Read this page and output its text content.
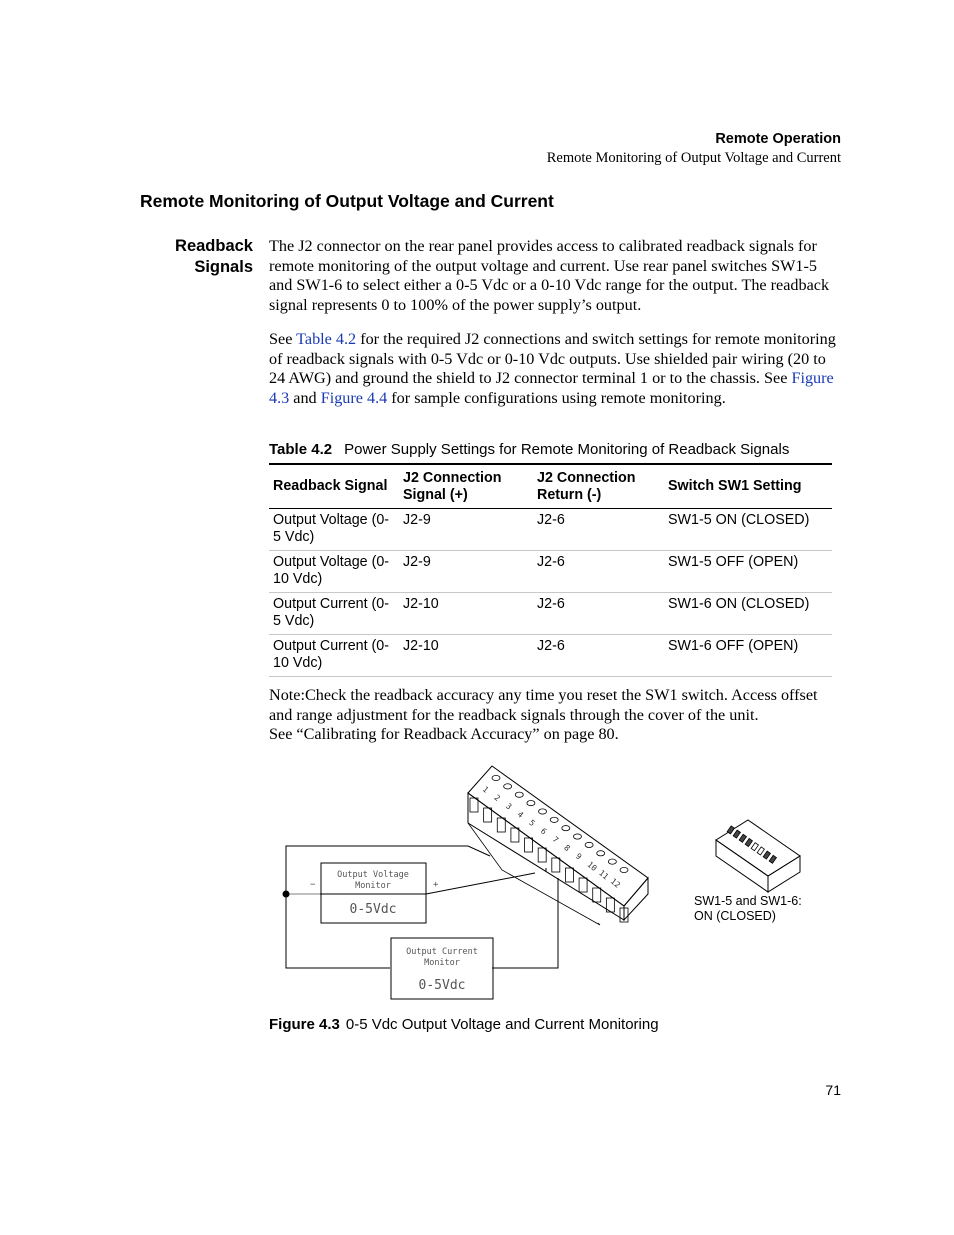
Remote Operation
Remote Monitoring of Output Voltage and Current
Remote Monitoring of Output Voltage and Current
Readback
Signals
The J2 connector on the rear panel provides access to calibrated readback signals for remote monitoring of the output voltage and current. Use rear panel switches SW1-5 and SW1-6 to select either a 0-5 Vdc or a 0-10 Vdc range for the output. The readback signal represents 0 to 100% of the power supply’s output.
See Table 4.2 for the required J2 connections and switch settings for remote monitoring of readback signals with 0-5 Vdc or 0-10 Vdc outputs. Use shielded pair wiring (20 to 24 AWG) and ground the shield to J2 connector terminal 1 or to the chassis. See Figure 4.3 and Figure 4.4 for sample configurations using remote monitoring.
Table 4.2 Power Supply Settings for Remote Monitoring of Readback Signals
Readback Signal	J2 Connection Signal (+)	J2 Connection Return (-)	Switch SW1 Setting
Output Voltage (0-5 Vdc)	J2-9	J2-6	SW1-5 ON (CLOSED)
Output Voltage (0-10 Vdc)	J2-9	J2-6	SW1-5 OFF (OPEN)
Output Current (0-5 Vdc)	J2-10	J2-6	SW1-6 ON (CLOSED)
Output Current (0-10 Vdc)	J2-10	J2-6	SW1-6 OFF (OPEN)
Note:Check the readback accuracy any time you reset the SW1 switch. Access offset and range adjustment for the readback signals through the cover of the unit.
See “Calibrating for Readback Accuracy” on page 80.
Output Voltage
Monitor
0-5Vdc
−	+
Output Current
Monitor
0-5Vdc
1
2
3
4
5
6
7
8
9
10
11
12
SW1-5 and SW1-6:
ON (CLOSED)
Figure 4.3 0-5 Vdc Output Voltage and Current Monitoring
71
